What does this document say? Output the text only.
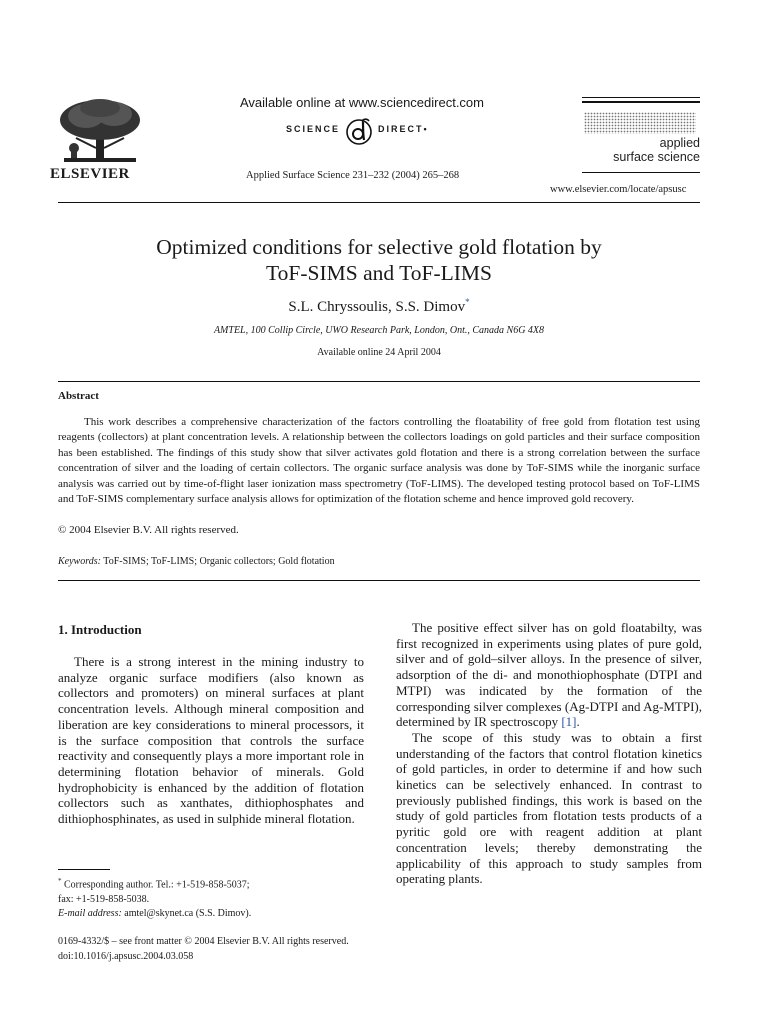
ELSEVIER
Available online at www.sciencedirect.com
SCIENCE	DIRECT•
Applied Surface Science 231–232 (2004) 265–268
applied
surface science
www.elsevier.com/locate/apsusc
Optimized conditions for selective gold flotation by
ToF-SIMS and ToF-LIMS
S.L. Chryssoulis, S.S. Dimov*
AMTEL, 100 Collip Circle, UWO Research Park, London, Ont., Canada N6G 4X8
Available online 24 April 2004
Abstract
This work describes a comprehensive characterization of the factors controlling the floatability of free gold from flotation test using reagents (collectors) at plant concentration levels. A relationship between the collectors loadings on gold particles and their surface composition has been established. The findings of this study show that silver activates gold flotation and there is a strong correlation between the surface concentration of silver and the loading of certain collectors. The organic surface analysis was done by ToF-SIMS while the inorganic surface analysis was carried out by time-of-flight laser ionization mass spectrometry (ToF-LIMS). The developed testing protocol based on ToF-LIMS and ToF-SIMS complementary surface analysis allows for optimization of the flotation scheme and hence improved gold recovery.
© 2004 Elsevier B.V. All rights reserved.
Keywords: ToF-SIMS; ToF-LIMS; Organic collectors; Gold flotation
1. Introduction

There is a strong interest in the mining industry to analyze organic surface modifiers (also known as collectors and promoters) on mineral surfaces at plant concentration levels. Although mineral composition and liberation are key considerations to mineral processors, it is the surface composition that controls the surface reactivity and consequently plays a more important role in determining flotation behavior of minerals. Gold hydrophobicity is enhanced by the addition of flotation collectors such as xanthates, dithiophosphates and dithiophosphinates, as used in sulphide mineral flotation.

* Corresponding author. Tel.: +1-519-858-5037;
fax: +1-519-858-5038.
E-mail address: amtel@skynet.ca (S.S. Dimov).

The positive effect silver has on gold floatabilty, was first recognized in experiments using plates of pure gold, silver and of gold–silver alloys. In the presence of silver, adsorption of the di- and monothiophosphate (DTPI and MTPI) was indicated by the formation of the corresponding silver complexes (Ag-DTPI and Ag-MTPI), determined by IR spectroscopy [1].

The scope of this study was to obtain a first understanding of the factors that control flotation kinetics of gold particles, in order to determine if and how such kinetics can be selectively enhanced. In contrast to previously published findings, this work is based on the study of gold particles from flotation tests products of a pyritic gold ore with reagent addition at plant concentration levels; thereby demonstrating the applicability of this approach to study samples from operating plants.

0169-4332/$ – see front matter © 2004 Elsevier B.V. All rights reserved.
doi:10.1016/j.apsusc.2004.03.058
